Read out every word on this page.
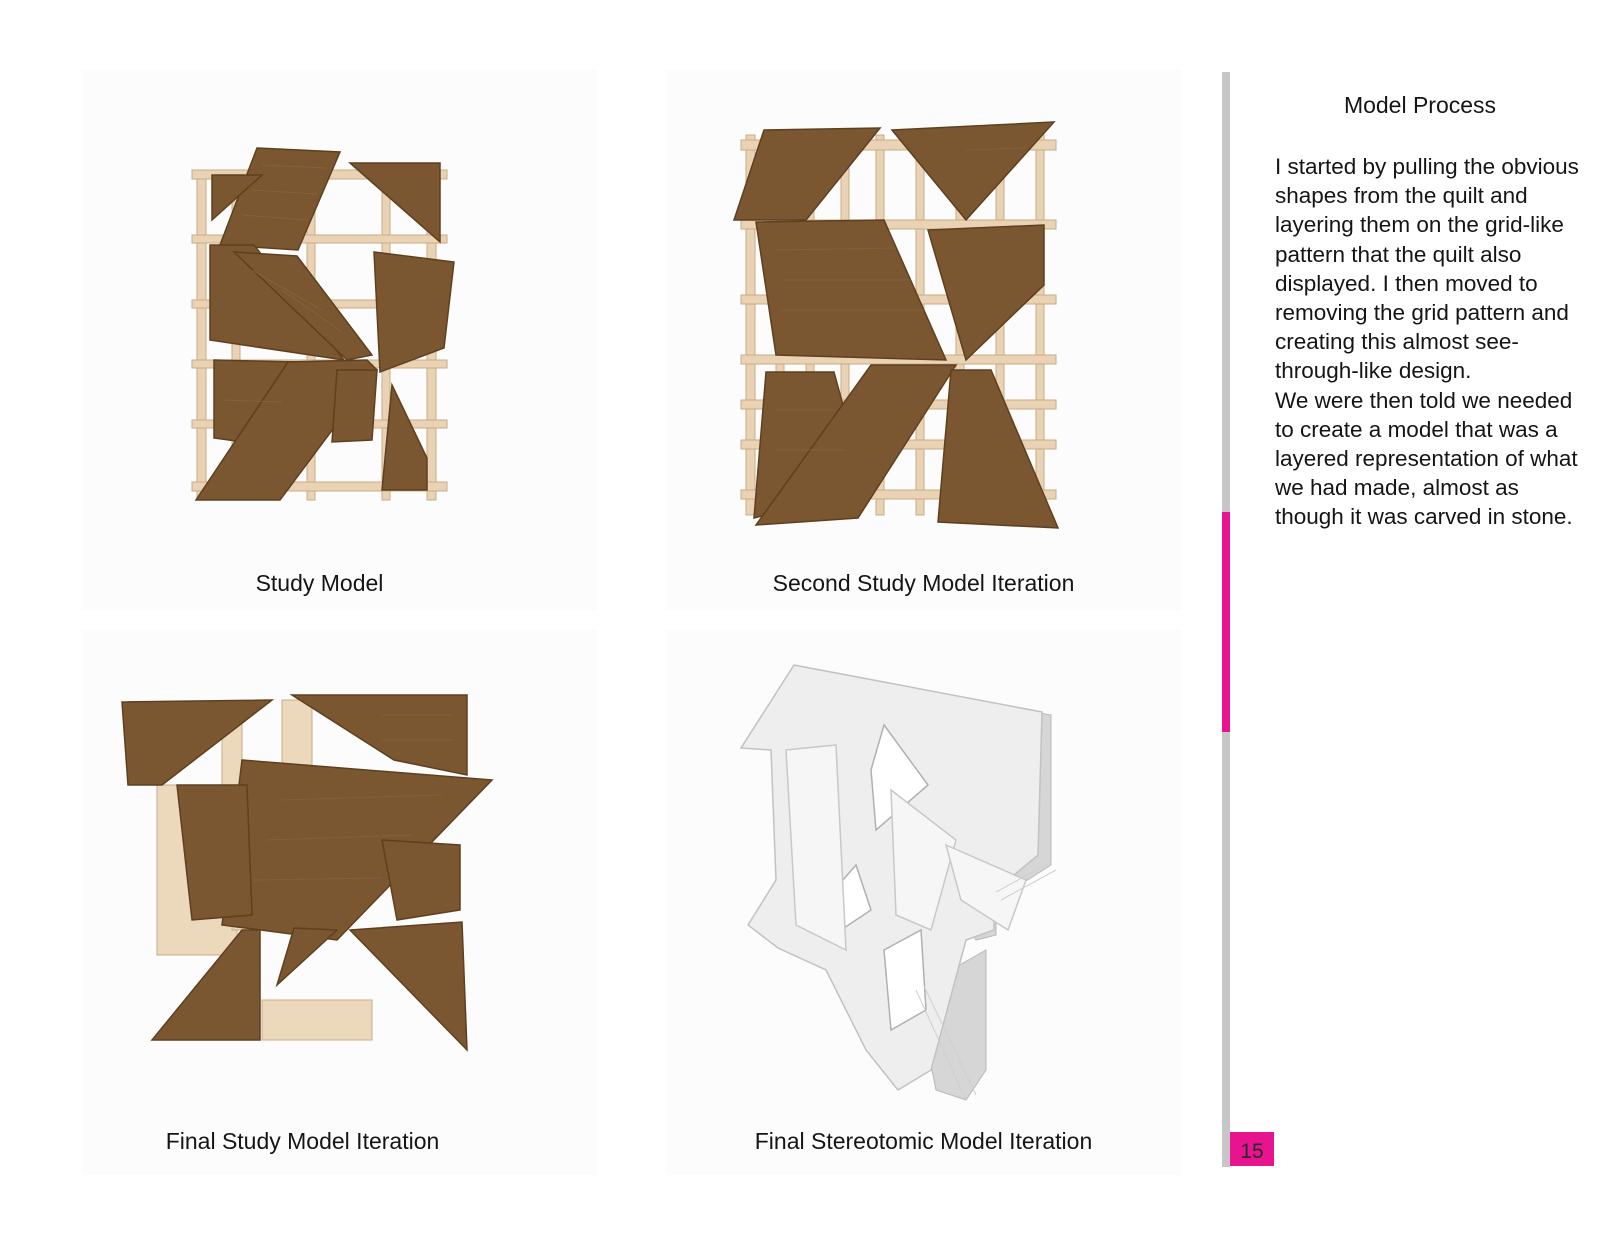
Study Model	Second Study Model Iteration
Final Study Model Iteration	Final Stereotomic Model Iteration	15
Model Process

I started by pulling the obvious shapes from the quilt and layering them on the grid-like pattern that the quilt also displayed. I then moved to removing the grid pattern and creating this almost see-through-like design.

We were then told we needed to create a model that was a layered representation of what we had made, almost as though it was carved in stone.
